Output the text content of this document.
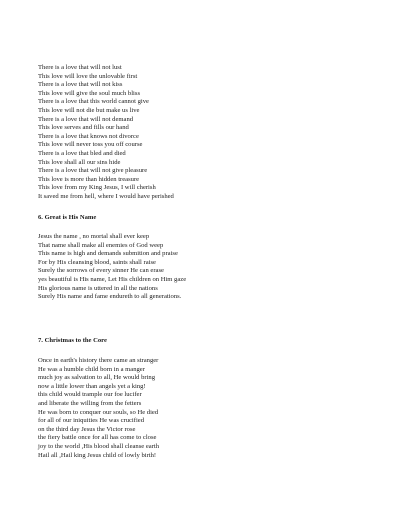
There is a love that will not lust

This love will love the unlovable first

There is a love that will not kiss

This love will give the soul much bliss

There is a love that this world cannot give

This love will not die but make us live

There is a love that will not demand

This love serves and fills our hand

There is a love that knows not divorce

This love will never toss you off course

There is a love that bled and died

This love shall all our sins hide

There is a love that will not give pleasure

This love is more than hidden treasure

This love from my King Jesus, I will cherish

It saved me from hell, where I would have perished

6. Great is His Name

Jesus the name , no mortal shall ever keep

That name shall make all enemies of God weep

This name is high and demands submition and praise

For by His cleansing blood, saints shall raise

Surely the sorrows of every sinner He can erase

yes beautiful is His name, Let His children on Him gaze

His glorious name is uttered in all the nations

Surely His name and fame endureth to all generations.

7. Christmas to the Core

Once in earth's history there came an stranger

He was a humble child born in a manger

much joy as salvation to all, He would bring

now a little lower than angels yet a king!

this child would trample our foe lucifer

and liberate the willing from the fetters

He was born to conquer our souls, so He died

for all of our iniquities He was crucified

on the third day Jesus the Victor rose

the fiery battle once for all has come to close

joy to the world ,His blood shall cleanse earth

Hail all ,Hail king Jesus child of lowly birth!
